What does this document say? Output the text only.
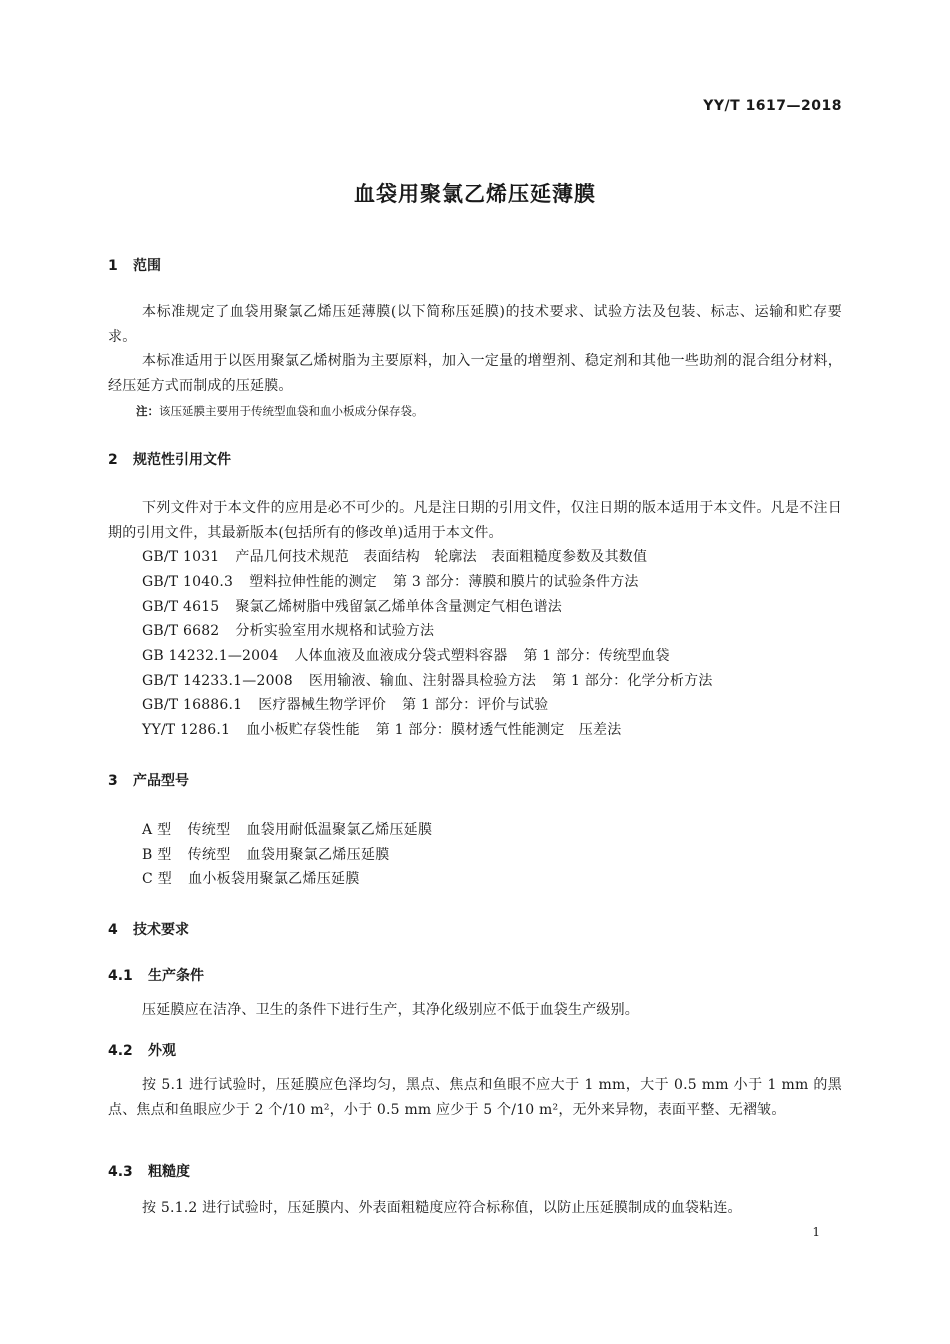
YY/T 1617—2018
血袋用聚氯乙烯压延薄膜
1 范围
本标准规定了血袋用聚氯乙烯压延薄膜(以下简称压延膜)的技术要求、试验方法及包装、标志、运输和贮存要求。
本标准适用于以医用聚氯乙烯树脂为主要原料，加入一定量的增塑剂、稳定剂和其他一些助剂的混合组分材料，经压延方式而制成的压延膜。
注：该压延膜主要用于传统型血袋和血小板成分保存袋。
2 规范性引用文件
下列文件对于本文件的应用是必不可少的。凡是注日期的引用文件，仅注日期的版本适用于本文件。凡是不注日期的引用文件，其最新版本(包括所有的修改单)适用于本文件。
GB/T 1031 产品几何技术规范　表面结构　轮廓法　表面粗糙度参数及其数值
GB/T 1040.3 塑料拉伸性能的测定 第 3 部分：薄膜和膜片的试验条件方法
GB/T 4615 聚氯乙烯树脂中残留氯乙烯单体含量测定气相色谱法
GB/T 6682 分析实验室用水规格和试验方法
GB 14232.1—2004 人体血液及血液成分袋式塑料容器 第 1 部分：传统型血袋
GB/T 14233.1—2008 医用输液、输血、注射器具检验方法 第 1 部分：化学分析方法
GB/T 16886.1 医疗器械生物学评价 第 1 部分：评价与试验
YY/T 1286.1 血小板贮存袋性能 第 1 部分：膜材透气性能测定　压差法
3 产品型号
A 型 传统型 血袋用耐低温聚氯乙烯压延膜
B 型 传统型 血袋用聚氯乙烯压延膜
C 型 血小板袋用聚氯乙烯压延膜
4 技术要求
4.1 生产条件
压延膜应在洁净、卫生的条件下进行生产，其净化级别应不低于血袋生产级别。
4.2 外观
按 5.1 进行试验时，压延膜应色泽均匀，黑点、焦点和鱼眼不应大于 1 mm，大于 0.5 mm 小于 1 mm 的黑点、焦点和鱼眼应少于 2 个/10 m²，小于 0.5 mm 应少于 5 个/10 m²，无外来异物，表面平整、无褶皱。
4.3 粗糙度
按 5.1.2 进行试验时，压延膜内、外表面粗糙度应符合标称值，以防止压延膜制成的血袋粘连。
1
